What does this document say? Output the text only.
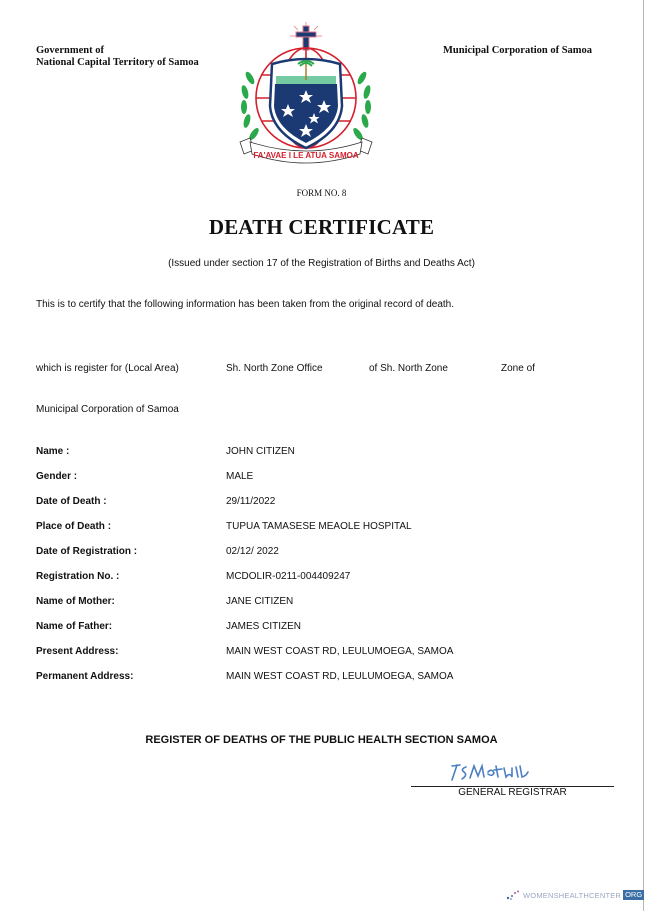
Government of
National Capital Territory of Samoa
Municipal Corporation of Samoa
FA'AVAE I LE ATUA SAMOA
FORM NO. 8
DEATH CERTIFICATE
(Issued under section 17 of the Registration of Births and Deaths Act)
This is to certify that the following information has been taken from the original record of death.
which is register for (Local Area)	Sh. North Zone Office	of Sh. North Zone	Zone of
Municipal Corporation of Samoa
Name :	JOHN CITIZEN
Gender :	MALE
Date of Death :	29/11/2022
Place of Death :	TUPUA TAMASESE MEAOLE HOSPITAL
Date of Registration :	02/12/ 2022
Registration No. :	MCDOLIR-0211-004409247
Name of Mother:	JANE CITIZEN
Name of Father:	JAMES CITIZEN
Present Address:	MAIN WEST COAST RD, LEULUMOEGA, SAMOA
Permanent Address:	MAIN WEST COAST RD, LEULUMOEGA, SAMOA
REGISTER OF DEATHS OF THE PUBLIC HEALTH SECTION SAMOA
GENERAL REGISTRAR
WOMENSHEALTHCENTER ORG
